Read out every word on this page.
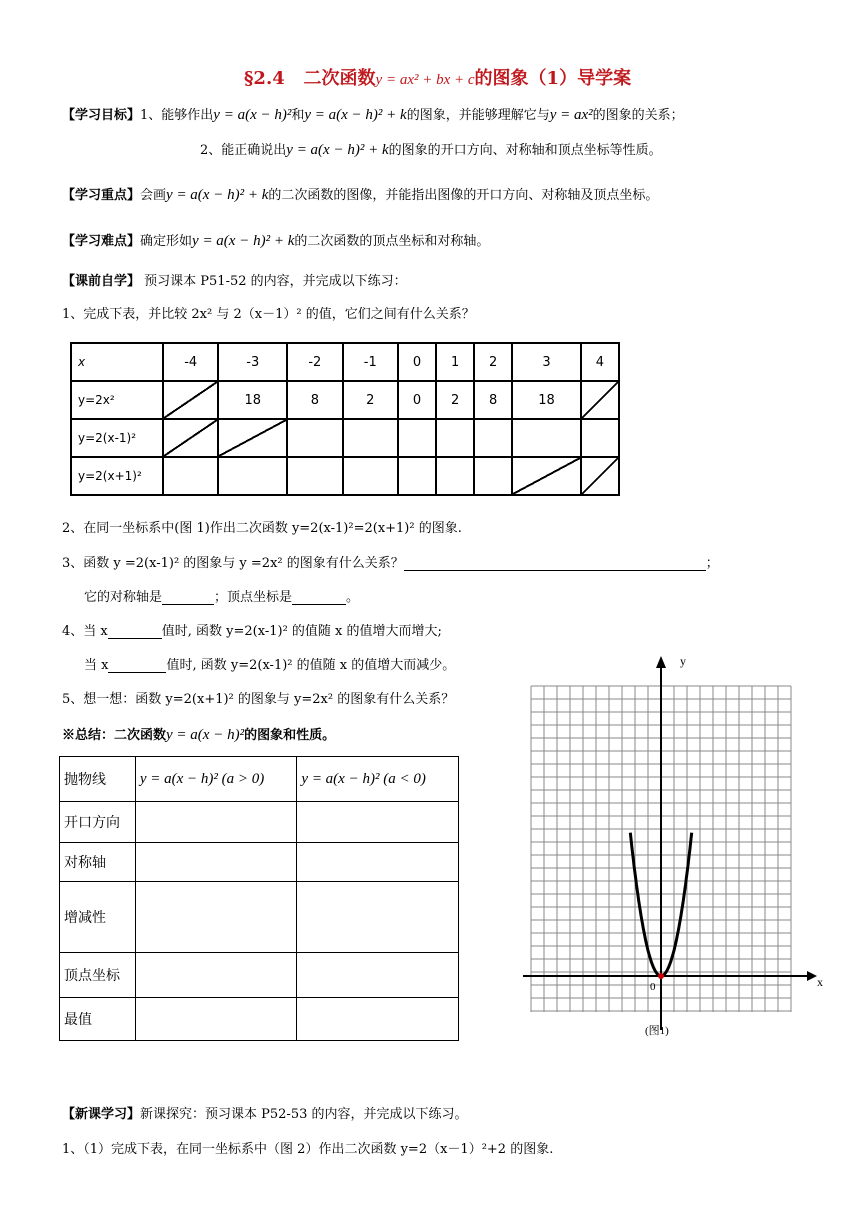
§2.4 二次函数y = ax² + bx + c的图象（1）导学案
【学习目标】1、能够作出y = a(x − h)²和y = a(x − h)² + k的图象，并能够理解它与y = ax²的图象的关系；
2、能正确说出y = a(x − h)² + k的图象的开口方向、对称轴和顶点坐标等性质。
【学习重点】会画y = a(x − h)² + k的二次函数的图像，并能指出图像的开口方向、对称轴及顶点坐标。
【学习难点】确定形如y = a(x − h)² + k的二次函数的顶点坐标和对称轴。
【课前自学】 预习课本 P51-52 的内容，并完成以下练习：
1、完成下表，并比较 2x² 与 2（x－1）² 的值，它们之间有什么关系？
x	-4	-3	-2	-1	0	1	2	3	4
y=2x²		18	8	2	0	2	8	18	
y=2(x-1)²									
y=2(x+1)²									
2、在同一坐标系中(图 1)作出二次函数 y=2(x-1)²=2(x+1)² 的图象.
3、函数 y =2(x-1)² 的图象与 y =2x² 的图象有什么关系？	；
它的对称轴是	；顶点坐标是	。
4、当 x	值时, 函数 y=2(x-1)² 的值随 x 的值增大而增大;
当 x	值时, 函数 y=2(x-1)² 的值随 x 的值增大而减少。
5、想一想：函数 y=2(x+1)² 的图象与 y=2x² 的图象有什么关系？
※总结：二次函数y = a(x − h)²的图象和性质。
抛物线	y = a(x − h)² (a > 0)	y = a(x − h)² (a < 0)
开口方向		
对称轴		
增减性		
顶点坐标		
最值		
y
x
0
(图1)
【新课学习】新课探究：预习课本 P52-53 的内容，并完成以下练习。
1、（1）完成下表，在同一坐标系中（图 2）作出二次函数 y=2（x－1）²+2 的图象.
